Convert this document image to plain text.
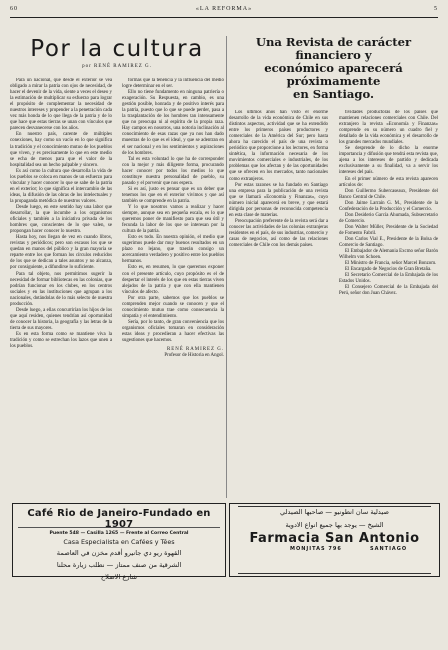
60	«LA REFORMA»	5
Por la cultura
por RENÉ RAMIREZ G.

Para un nacional, que desde el exterior se vea obligado a mirar la patria con ojos de necesidad, de hacer el devenir de la vida, siente a veces el deseo y la estimación de multiplicar su esfuerzo para lograr el propósito de complementar la necesidad de nuestros intereses y propender a la penetración cada vez más honda de lo que llega de la patria y de lo que hace que estas tierras se unan con vínculos que parecen desvanecerse con los años.

En nuestro país, carente de múltiples conexiones, hay como un vacío en lo que significa la tradición y el conocimiento mutuo de los pueblos que viven, y es precisamente lo que en este medio se echa de menos para que el valor de la hospitalidad sea un hecho palpable y sincero.

Es así como la cultura que desarrolla la vida de los pueblos se coloca en manos de un esfuerzo para vincular y hacer conocer lo que se sabe de la patria en el exterior; lo que significa el intercambio de las ideas, la difusión de las obras de los intelectuales y la propaganda metódica de nuestros valores.

Desde luego, en este sentido hay una labor que desarrollar, la que incumbe a los organismos oficiales y también a la iniciativa privada de los hombres que, conscientes de lo que valen, se propongan hacer conocer lo nuestro.

Hasta hoy, nos llegan de vez en cuando libros, revistas y periódicos; pero son escasos los que se quedan en manos del público y la gran mayoría se reparte entre los que forman los círculos reducidos de los que se dedican a tales asuntos y no alcanza, por consiguiente, a difundirse lo suficiente.

Para tal objeto, nos permitimos sugerir la necesidad de formar bibliotecas en las colonias, que podrían funcionar en los clubes, en los centros sociales y en las instituciones que agrupan a los nacionales, dotándolas de lo más selecto de nuestra producción.

Desde luego, a ellas concurrirían los hijos de los que aquí residen, quienes tendrían así oportunidad de conocer la historia, la geografía y las letras de la tierra de sus mayores.

Es en esta forma como se mantiene viva la tradición y como se estrechan los lazos que unen a los pueblos.

formas que la tenencia y la influencia del medio logre determinar en el ser.

Ello no tiene fundamento en ninguna patriería o exageración. Su Respuesta, en cambio, es una gestión posible, honrada y de positivo interés para la patria, puesto que lo que se puede perder, pasa a la trasplantación de los hombres tan intensamente que no preocupa ni al espíritu de la propia raza. Hay campos en nosotros, una notoria inclinación al conocimiento de esas razas que ya nos han dado muestras de lo que es el ideal, y que se adentran en el ser nacional y en los sentimientos y aspiraciones de los hombres.

Tal es esta voluntad lo que ha de corresponder con la mejor y más diligente forma, procurando hacer conocer por todos los medios lo que constituye nuestra personalidad de pueblo, su pasado y el porvenir que nos espera.

Si es así, justo es pensar que es un deber que tenemos los que en el exterior vivimos y que así también se comprende en la patria.

Y lo que nosotros vamos a realizar y hacer siempre, aunque sea en pequeña escala, es lo que queremos poner de manifiesto para que sea útil y fecunda la labor de los que se interesan por la cultura de la patria.

Esto es todo. En nuestra opinión, el medio que sugerimos puede dar muy buenos resultados en un plazo no lejano, que traerán consigo un acercamiento verdadero y positivo entre los pueblos hermanos.

Esto es, en resumen, lo que queremos exponer con el presente artículo, cuyo propósito es el de despertar el interés de los que en estas tierras viven alejados de la patria y que con ella mantienen vínculos de afecto.

Por otra parte, sabemos que los pueblos se comprenden mejor cuando se conocen y que el conocimiento mutuo trae como consecuencia la simpatía y el entendimiento.

Sería, por lo tanto, de gran conveniencia que los organismos oficiales tomaran en consideración estas ideas y procedieran a hacer efectivas las sugestiones que hacemos.

RENÉ RAMIREZ G.
Profesor de Historia en Angol.
Una Revista de carácter financiero y
económico aparecerá próximamente
en Santiago.

Los últimos años han visto el enorme desarrollo de la vida económica de Chile en sus distintos aspectos, actividad que se ha extendido entre los primeros países productores y comerciales de la América del Sur; pero hasta ahora ha carecido el país de una revista o periódico que proporcione a los lectores, en forma sintética, la información necesaria de los movimientos comerciales e industriales, de los problemas que los afectan y de las oportunidades que se ofrecen en los mercados, tanto nacionales como extranjeros.

Por estas razones se ha fundado en Santiago una empresa para la publicación de una revista que se llamará «Economía y Finanzas», cuyo número inicial aparecerá en breve, y que estará dirigida por personas de reconocida competencia en esta clase de materias.

Preocupación preferente de la revista será dar a conocer las actividades de las colonias extranjeras residentes en el país, de sus industrias, comercio y casas de negocios, así como de las relaciones comerciales de Chile con los demás países.

tividades productoras de los países que mantienen relaciones comerciales con Chile. Del extranjero la revista «Economía y Finanzas» comprende en su número un cuadro fiel y detallado de la vida económica y el desarrollo de los grandes mercados mundiales.

Se desprende de lo dicho la enorme importancia y difusión que tendrá esta revista que, ajena a los intereses de partido y dedicada exclusivamente a su finalidad, va a servir los intereses del país.

En el primer número de esta revista aparecen artículos de:

Don Guillermo Subercaseaux, Presidente del Banco Central de Chile.

Don Jaime Larraín G. M., Presidente de la Confederación de la Producción y el Comercio.

Don Desiderio García Ahumada, Subsecretario de Comercio.

Don Walter Müller, Presidente de la Sociedad de Fomento Fabril.

Don Carlos Vial E., Presidente de la Bolsa de Comercio de Santiago.

El Embajador de Alemania Excmo señor Barón Wilhelm von Schoen.

El Ministro de Francia, señor Marcel Bonzom.

El Encargado de Negocios de Gran Bretaña.

El Secretario Comercial de la Embajada de los Estados Unidos.

El Consejero Comercial de la Embajada del Perú, señor don Juan Chávez.

Café Rio de Janeiro-Fundado en 1907
Puente 548 — Casilla 1265 — Frente al Correo Central
Casa Especialista en Cafées y Tées
القهوة ريو دي جانيرو أقدم مخزن في العاصمة
الشرقية من صنف ممتاز — نطلب زيارة محلنا
شارع الاصلاح
صيدلية سان انطونيو — صاحبها الصيدلي
الشيخ — يوجد بها جميع انواع الادوية
Farmacia San Antonio
MONJITAS 796	SANTIAGO
